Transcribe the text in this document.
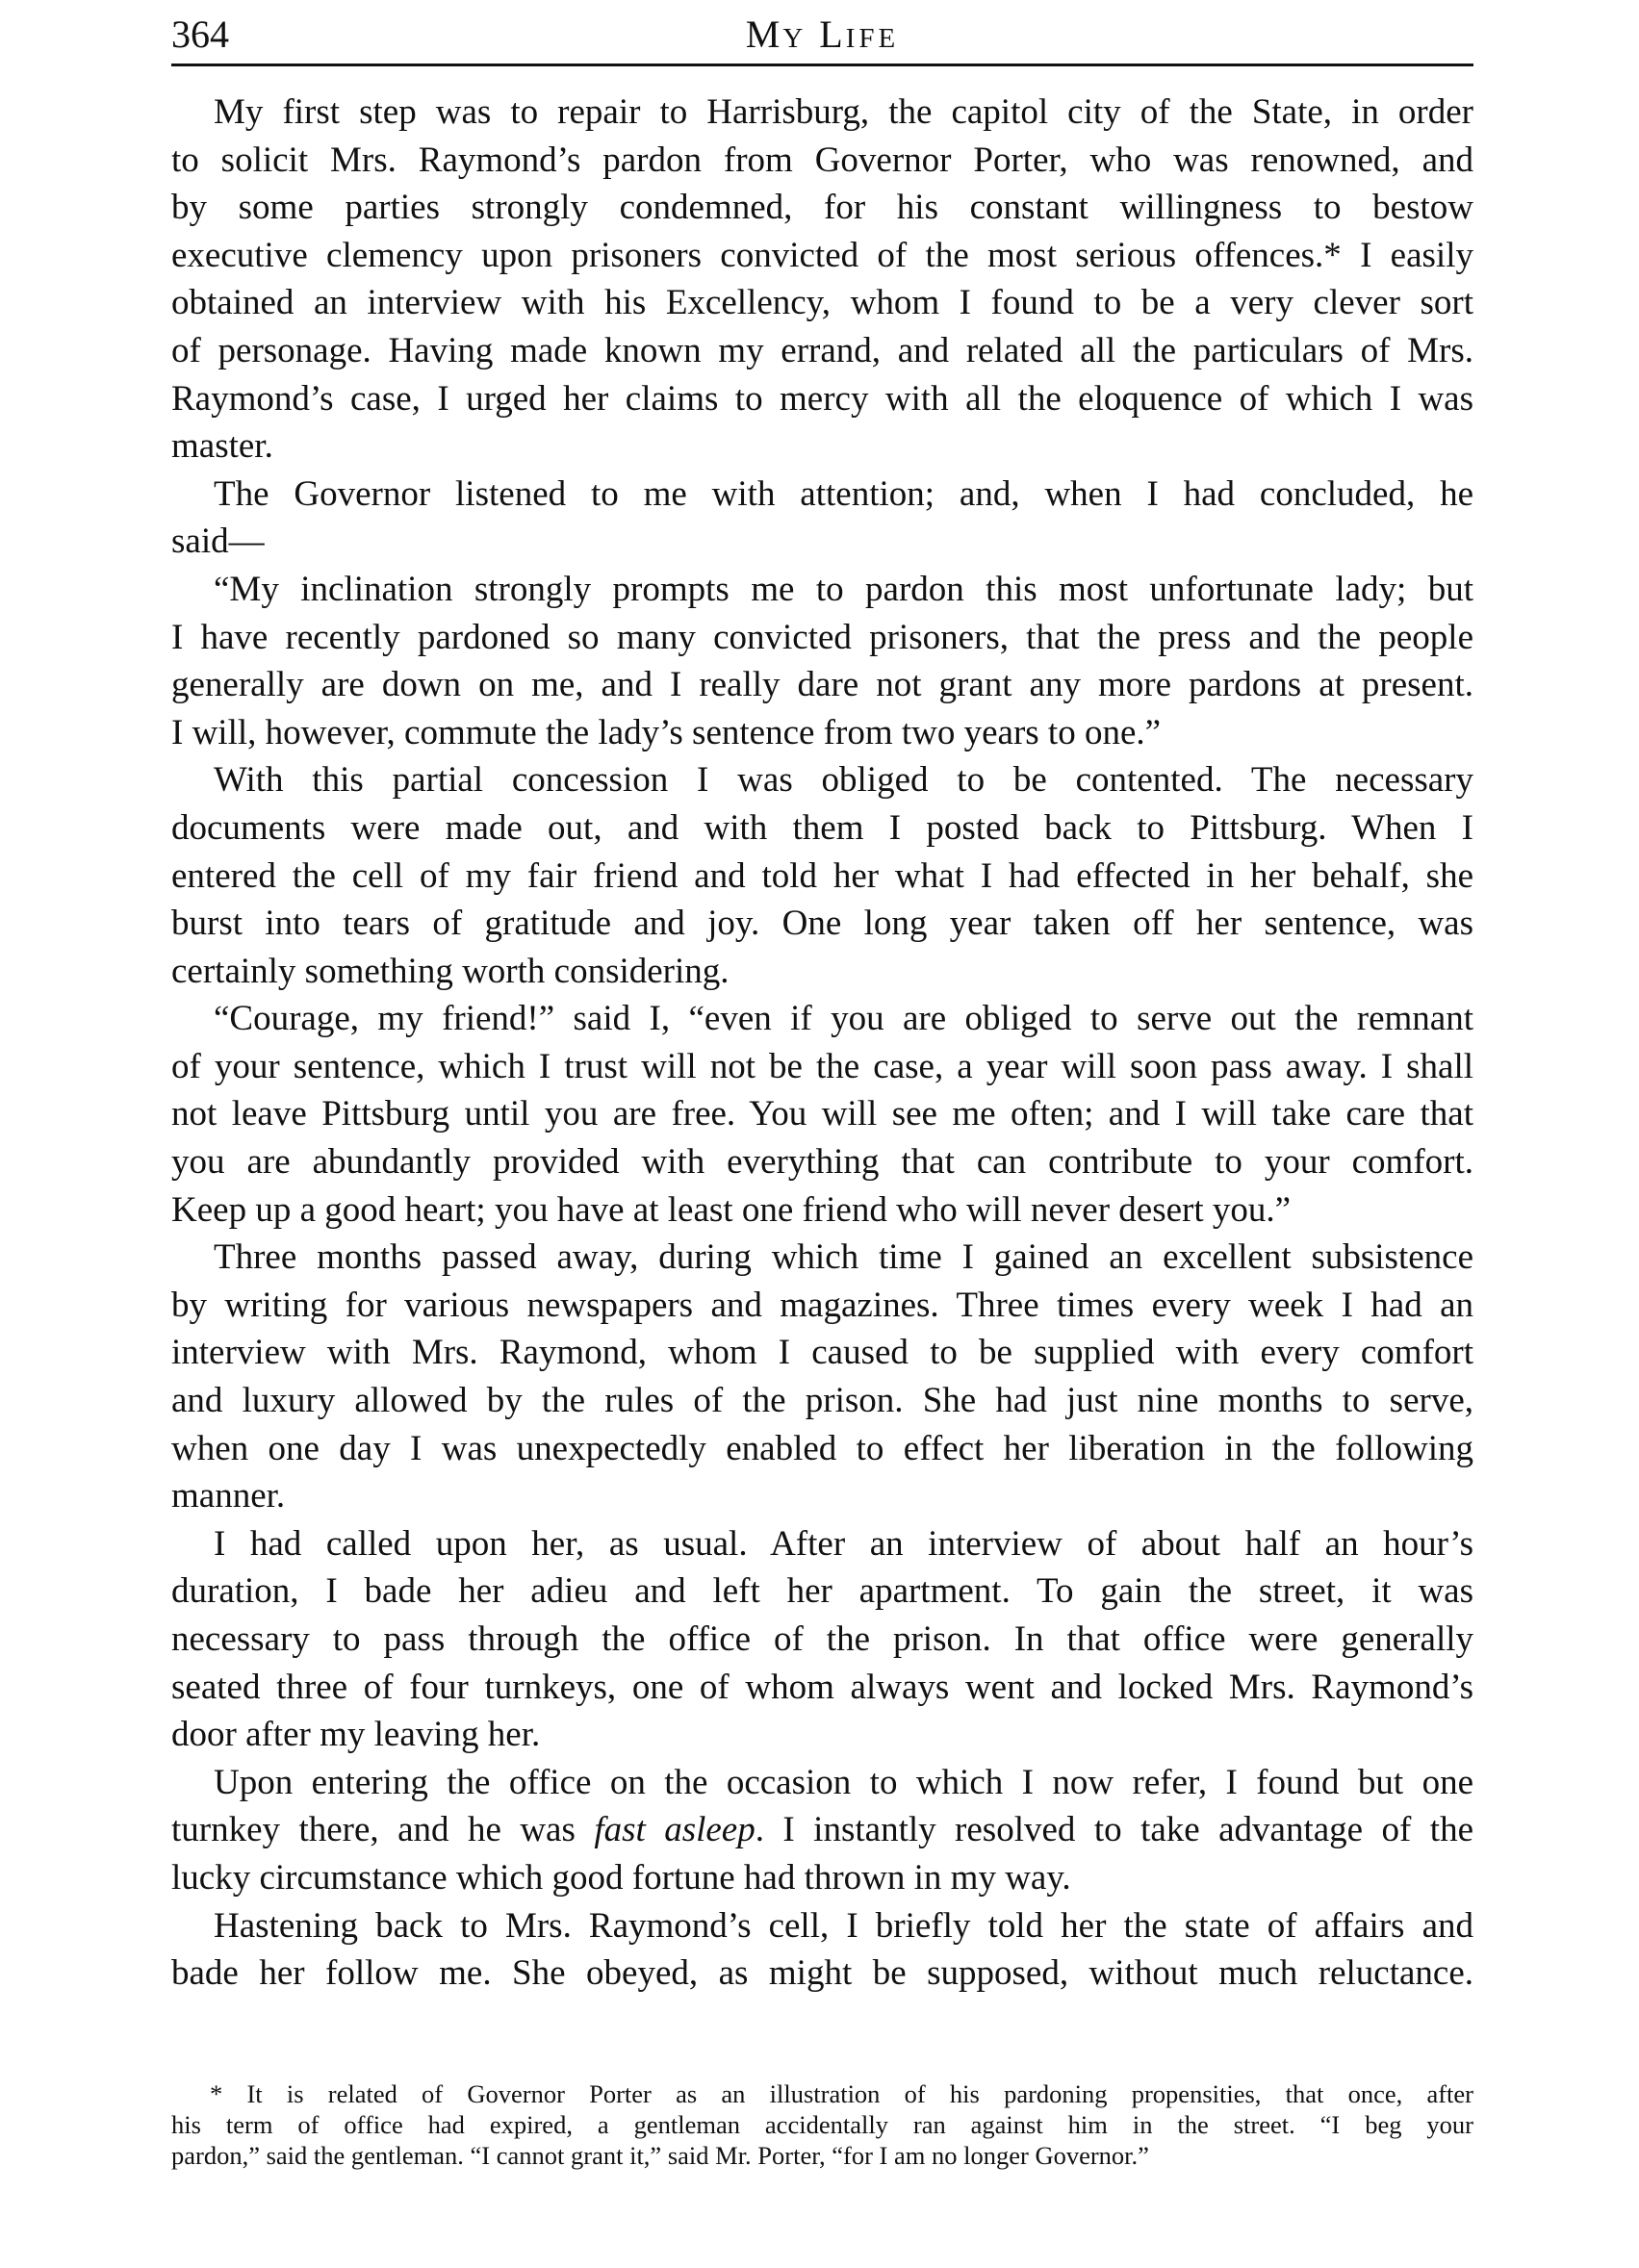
364	MY LIFE
My first step was to repair to Harrisburg, the capitol city of the State, in order
to solicit Mrs. Raymond’s pardon from Governor Porter, who was renowned, and
by some parties strongly condemned, for his constant willingness to bestow
executive clemency upon prisoners convicted of the most serious offences.* I easily
obtained an interview with his Excellency, whom I found to be a very clever sort
of personage. Having made known my errand, and related all the particulars of Mrs.
Raymond’s case, I urged her claims to mercy with all the eloquence of which I was
master.
The Governor listened to me with attention; and, when I had concluded, he
said—
“My inclination strongly prompts me to pardon this most unfortunate lady; but
I have recently pardoned so many convicted prisoners, that the press and the people
generally are down on me, and I really dare not grant any more pardons at present.
I will, however, commute the lady’s sentence from two years to one.”
With this partial concession I was obliged to be contented. The necessary
documents were made out, and with them I posted back to Pittsburg. When I
entered the cell of my fair friend and told her what I had effected in her behalf, she
burst into tears of gratitude and joy. One long year taken off her sentence, was
certainly something worth considering.
“Courage, my friend!” said I, “even if you are obliged to serve out the remnant
of your sentence, which I trust will not be the case, a year will soon pass away. I shall
not leave Pittsburg until you are free. You will see me often; and I will take care that
you are abundantly provided with everything that can contribute to your comfort.
Keep up a good heart; you have at least one friend who will never desert you.”
Three months passed away, during which time I gained an excellent subsistence
by writing for various newspapers and magazines. Three times every week I had an
interview with Mrs. Raymond, whom I caused to be supplied with every comfort
and luxury allowed by the rules of the prison. She had just nine months to serve,
when one day I was unexpectedly enabled to effect her liberation in the following
manner.
I had called upon her, as usual. After an interview of about half an hour’s
duration, I bade her adieu and left her apartment. To gain the street, it was
necessary to pass through the office of the prison. In that office were generally
seated three of four turnkeys, one of whom always went and locked Mrs. Raymond’s
door after my leaving her.
Upon entering the office on the occasion to which I now refer, I found but one
turnkey there, and he was fast asleep. I instantly resolved to take advantage of the
lucky circumstance which good fortune had thrown in my way.
Hastening back to Mrs. Raymond’s cell, I briefly told her the state of affairs and
bade her follow me. She obeyed, as might be supposed, without much reluctance.
* It is related of Governor Porter as an illustration of his pardoning propensities, that once, after
his term of office had expired, a gentleman accidentally ran against him in the street. “I beg your
pardon,” said the gentleman. “I cannot grant it,” said Mr. Porter, “for I am no longer Governor.”
